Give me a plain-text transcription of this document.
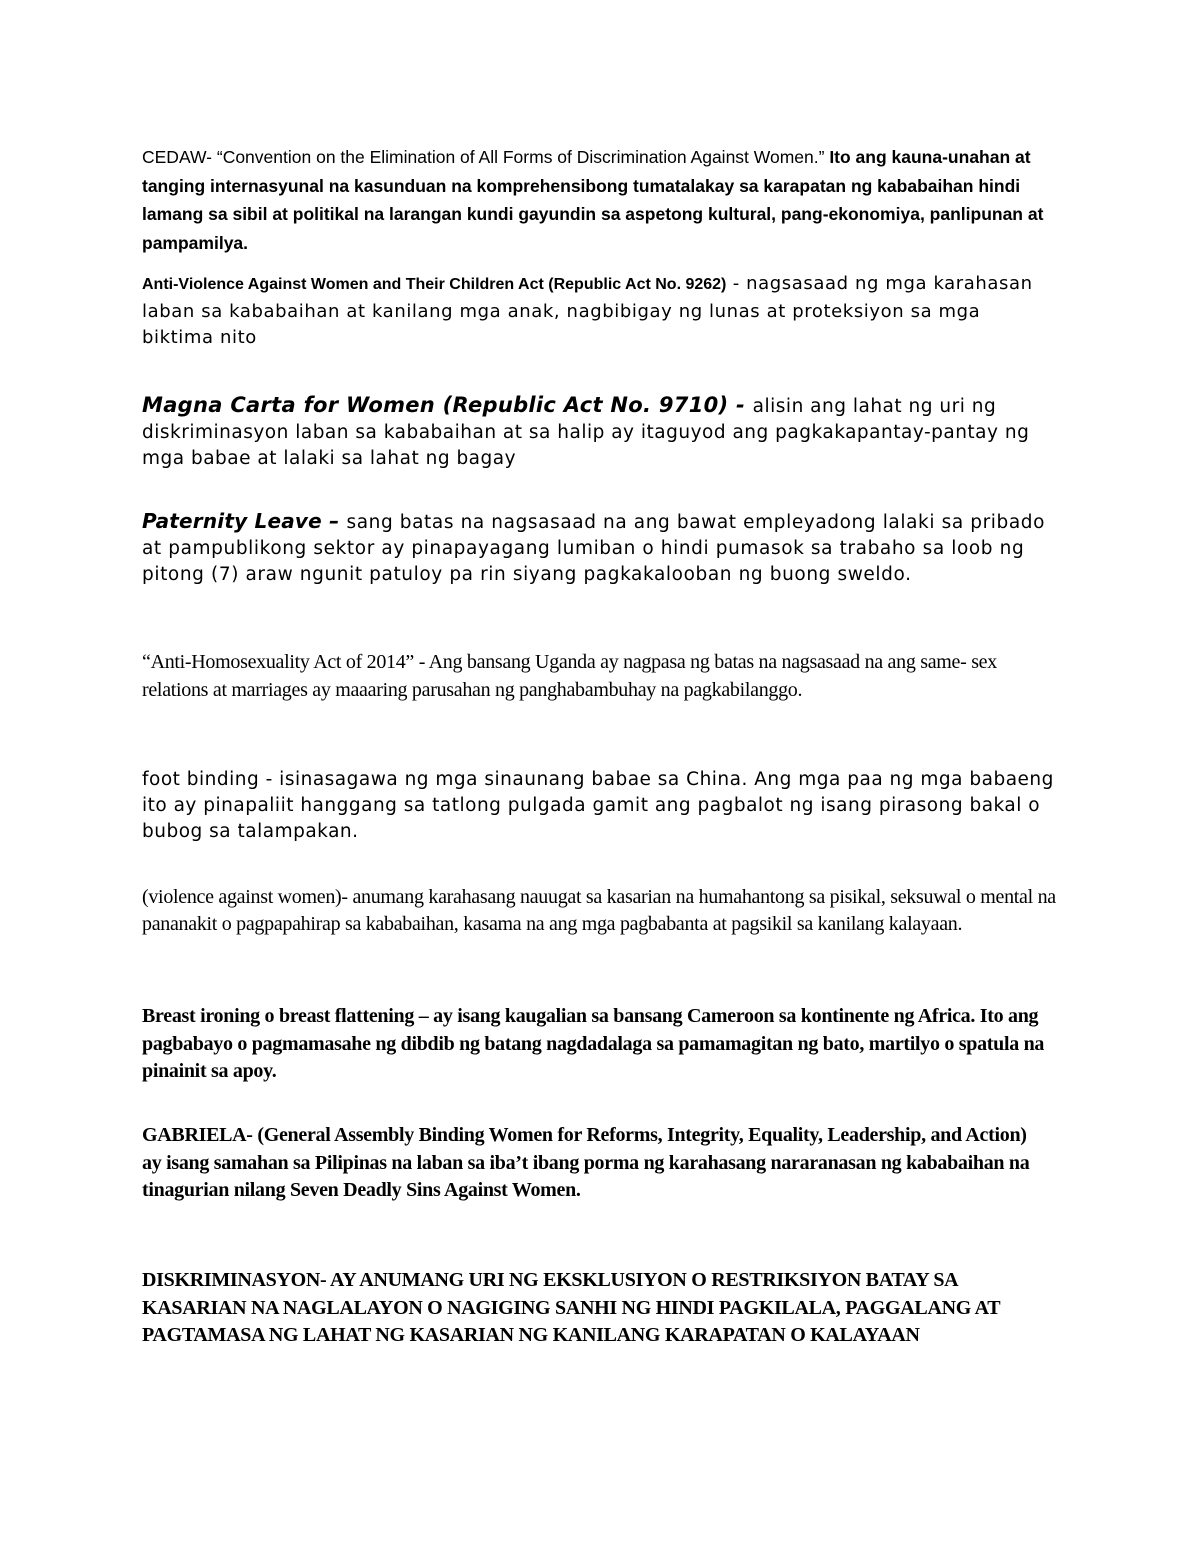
CEDAW- “Convention on the Elimination of All Forms of Discrimination Against Women.” Ito ang kauna-unahan at tanging internasyunal na kasunduan na komprehensibong tumatalakay sa karapatan ng kababaihan hindi lamang sa sibil at politikal na larangan kundi gayundin sa aspetong kultural, pang-ekonomiya, panlipunan at pampamilya.

Anti-Violence Against Women and Their Children Act (Republic Act No. 9262) - nagsasaad ng mga karahasan laban sa kababaihan at kanilang mga anak, nagbibigay ng lunas at proteksiyon sa mga biktima nito

Magna Carta for Women (Republic Act No. 9710) - alisin ang lahat ng uri ng diskriminasyon laban sa kababaihan at sa halip ay itaguyod ang pagkakapantay-pantay ng mga babae at lalaki sa lahat ng bagay

Paternity Leave – sang batas na nagsasaad na ang bawat empleyadong lalaki sa pribado at pampublikong sektor ay pinapayagang lumiban o hindi pumasok sa trabaho sa loob ng pitong (7) araw ngunit patuloy pa rin siyang pagkakalooban ng buong sweldo.

“Anti-Homosexuality Act of 2014” - Ang bansang Uganda ay nagpasa ng batas na nagsasaad na ang same- sex relations at marriages ay maaaring parusahan ng panghabambuhay na pagkabilanggo.

foot binding - isinasagawa ng mga sinaunang babae sa China. Ang mga paa ng mga babaeng ito ay pinapaliit hanggang sa tatlong pulgada gamit ang pagbalot ng isang pirasong bakal o bubog sa talampakan.

(violence against women)- anumang karahasang nauugat sa kasarian na humahantong sa pisikal, seksuwal o mental na pananakit o pagpapahirap sa kababaihan, kasama na ang mga pagbabanta at pagsikil sa kanilang kalayaan.

Breast ironing o breast flattening – ay isang kaugalian sa bansang Cameroon sa kontinente ng Africa. Ito ang pagbabayo o pagmamasahe ng dibdib ng batang nagdadalaga sa pamamagitan ng bato, martilyo o spatula na pinainit sa apoy.

GABRIELA- (General Assembly Binding Women for Reforms, Integrity, Equality, Leadership, and Action) ay isang samahan sa Pilipinas na laban sa iba’t ibang porma ng karahasang nararanasan ng kababaihan na tinagurian nilang Seven Deadly Sins Against Women.

DISKRIMINASYON- AY ANUMANG URI NG EKSKLUSIYON O RESTRIKSIYON BATAY SA KASARIAN NA NAGLALAYON O NAGIGING SANHI NG HINDI PAGKILALA, PAGGALANG AT PAGTAMASA NG LAHAT NG KASARIAN NG KANILANG KARAPATAN O KALAYAAN
